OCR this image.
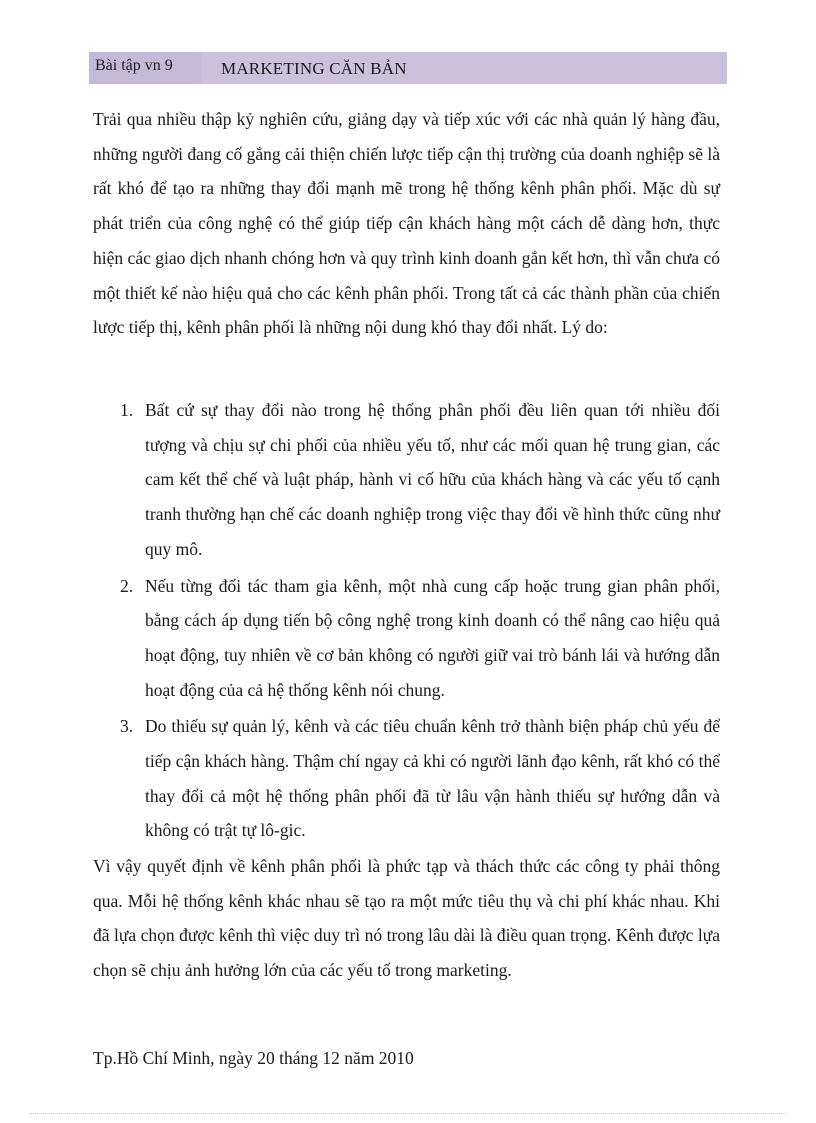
Bài tập vn 9	MARKETING CĂN BẢN

Trải qua nhiều thập kỷ nghiên cứu, giảng dạy và tiếp xúc với các nhà quản lý hàng đầu, những người đang cố gắng cải thiện chiến lược tiếp cận thị trường của doanh nghiệp sẽ là rất khó để tạo ra những thay đổi mạnh mẽ trong hệ thống kênh phân phối. Mặc dù sự phát triển của công nghệ có thể giúp tiếp cận khách hàng một cách dễ dàng hơn, thực hiện các giao dịch nhanh chóng hơn và quy trình kinh doanh gắn kết hơn, thì vẫn chưa có một thiết kế nào hiệu quả cho các kênh phân phối. Trong tất cả các thành phần của chiến lược tiếp thị, kênh phân phối là những nội dung khó thay đổi nhất. Lý do:

1. Bất cứ sự thay đổi nào trong hệ thống phân phối đều liên quan tới nhiều đối tượng và chịu sự chi phối của nhiều yếu tố, như các mối quan hệ trung gian, các cam kết thể chế và luật pháp, hành vi cố hữu của khách hàng và các yếu tố cạnh tranh thường hạn chế các doanh nghiệp trong việc thay đổi về hình thức cũng như quy mô.
2. Nếu từng đối tác tham gia kênh, một nhà cung cấp hoặc trung gian phân phối, bằng cách áp dụng tiến bộ công nghệ trong kinh doanh có thể nâng cao hiệu quả hoạt động, tuy nhiên về cơ bản không có người giữ vai trò bánh lái và hướng dẫn hoạt động của cả hệ thống kênh nói chung.
3. Do thiếu sự quản lý, kênh và các tiêu chuẩn kênh trở thành biện pháp chủ yếu để tiếp cận khách hàng. Thậm chí ngay cả khi có người lãnh đạo kênh, rất khó có thể thay đổi cả một hệ thống phân phối đã từ lâu vận hành thiếu sự hướng dẫn và không có trật tự lô-gic.

Vì vậy quyết định về kênh phân phối là phức tạp và thách thức các công ty phải thông qua. Mỗi hệ thống kênh khác nhau sẽ tạo ra một mức tiêu thụ và chi phí khác nhau. Khi đã lựa chọn được kênh thì việc duy trì nó trong lâu dài là điều quan trọng. Kênh được lựa chọn sẽ chịu ảnh hưởng lớn của các yếu tố trong marketing.

Tp.Hồ Chí Minh, ngày 20 tháng 12 năm 2010
